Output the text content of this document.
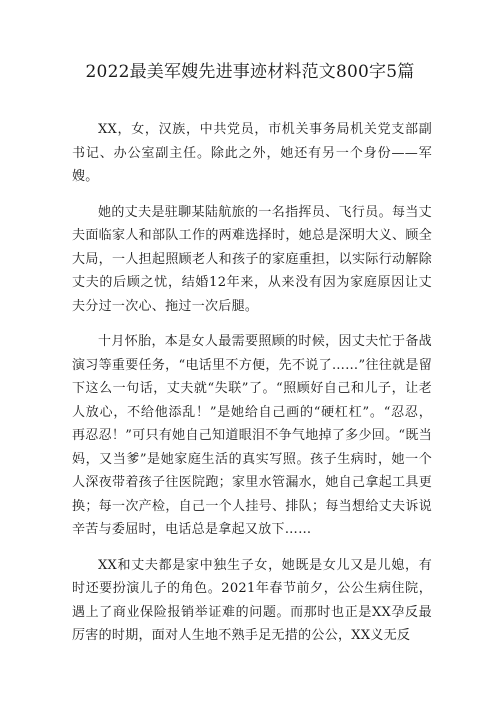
2022最美军嫂先进事迹材料范文800字5篇

XX，女，汉族，中共党员，市机关事务局机关党支部副书记、办公室副主任。除此之外，她还有另一个身份——军嫂。

她的丈夫是驻聊某陆航旅的一名指挥员、飞行员。每当丈夫面临家人和部队工作的两难选择时，她总是深明大义、顾全大局，一人担起照顾老人和孩子的家庭重担，以实际行动解除丈夫的后顾之忧，结婚12年来，从来没有因为家庭原因让丈夫分过一次心、拖过一次后腿。

十月怀胎，本是女人最需要照顾的时候，因丈夫忙于备战演习等重要任务，“电话里不方便，先不说了……”往往就是留下这么一句话，丈夫就“失联”了。“照顾好自己和儿子，让老人放心，不给他添乱！”是她给自己画的“硬杠杠”。“忍忍，再忍忍！”可只有她自己知道眼泪不争气地掉了多少回。“既当妈，又当爹”是她家庭生活的真实写照。孩子生病时，她一个人深夜带着孩子往医院跑；家里水管漏水，她自己拿起工具更换；每一次产检，自己一个人挂号、排队；每当想给丈夫诉说辛苦与委屈时，电话总是拿起又放下……

XX和丈夫都是家中独生子女，她既是女儿又是儿媳，有时还要扮演儿子的角色。2021年春节前夕，公公生病住院，遇上了商业保险报销举证难的问题。而那时也正是XX孕反最厉害的时期，面对人生地不熟手足无措的公公，XX义无反
